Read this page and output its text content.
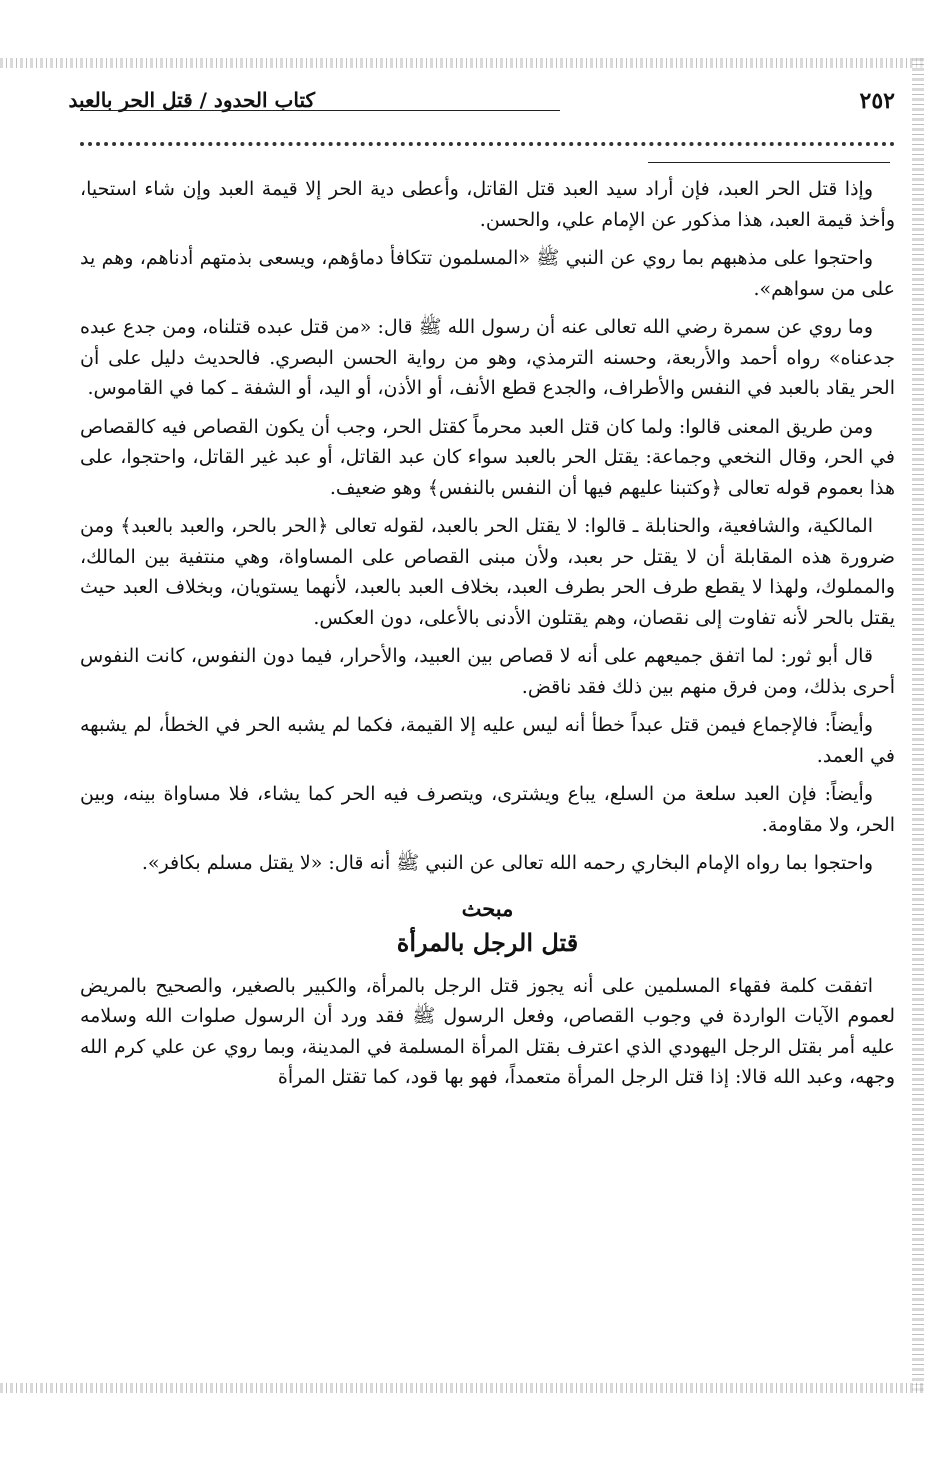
٢٥٢
كتاب الحدود / قتل الحر بالعبد

وإذا قتل الحر العبد، فإن أراد سيد العبد قتل القاتل، وأعطى دية الحر إلا قيمة العبد وإن شاء استحيا، وأخذ قيمة العبد، هذا مذكور عن الإمام علي، والحسن.

واحتجوا على مذهبهم بما روي عن النبي ﷺ «المسلمون تتكافأ دماؤهم، ويسعى بذمتهم أدناهم، وهم يد على من سواهم».

وما روي عن سمرة رضي الله تعالى عنه أن رسول الله ﷺ قال: «من قتل عبده قتلناه، ومن جدع عبده جدعناه» رواه أحمد والأربعة، وحسنه الترمذي، وهو من رواية الحسن البصري. فالحديث دليل على أن الحر يقاد بالعبد في النفس والأطراف، والجدع قطع الأنف، أو الأذن، أو اليد، أو الشفة ـ كما في القاموس.

ومن طريق المعنى قالوا: ولما كان قتل العبد محرماً كقتل الحر، وجب أن يكون القصاص فيه كالقصاص في الحر، وقال النخعي وجماعة: يقتل الحر بالعبد سواء كان عبد القاتل، أو عبد غير القاتل، واحتجوا، على هذا بعموم قوله تعالى ﴿وكتبنا عليهم فيها أن النفس بالنفس﴾ وهو ضعيف.

المالكية، والشافعية، والحنابلة ـ قالوا: لا يقتل الحر بالعبد، لقوله تعالى ﴿الحر بالحر، والعبد بالعبد﴾ ومن ضرورة هذه المقابلة أن لا يقتل حر بعبد، ولأن مبنى القصاص على المساواة، وهي منتفية بين المالك، والمملوك، ولهذا لا يقطع طرف الحر بطرف العبد، بخلاف العبد بالعبد، لأنهما يستويان، وبخلاف العبد حيث يقتل بالحر لأنه تفاوت إلى نقصان، وهم يقتلون الأدنى بالأعلى، دون العكس.

قال أبو ثور: لما اتفق جميعهم على أنه لا قصاص بين العبيد، والأحرار، فيما دون النفوس، كانت النفوس أحرى بذلك، ومن فرق منهم بين ذلك فقد ناقض.

وأيضاً: فالإجماع فيمن قتل عبداً خطأ أنه ليس عليه إلا القيمة، فكما لم يشبه الحر في الخطأ، لم يشبهه في العمد.

وأيضاً: فإن العبد سلعة من السلع، يباع ويشترى، ويتصرف فيه الحر كما يشاء، فلا مساواة بينه، وبين الحر، ولا مقاومة.

واحتجوا بما رواه الإمام البخاري رحمه الله تعالى عن النبي ﷺ أنه قال: «لا يقتل مسلم بكافر».

مبحث
قتل الرجل بالمرأة

اتفقت كلمة فقهاء المسلمين على أنه يجوز قتل الرجل بالمرأة، والكبير بالصغير، والصحيح بالمريض لعموم الآيات الواردة في وجوب القصاص، وفعل الرسول ﷺ فقد ورد أن الرسول صلوات الله وسلامه عليه أمر بقتل الرجل اليهودي الذي اعترف بقتل المرأة المسلمة في المدينة، وبما روي عن علي كرم الله وجهه، وعبد الله قالا: إذا قتل الرجل المرأة متعمداً، فهو بها قود، كما تقتل المرأة
